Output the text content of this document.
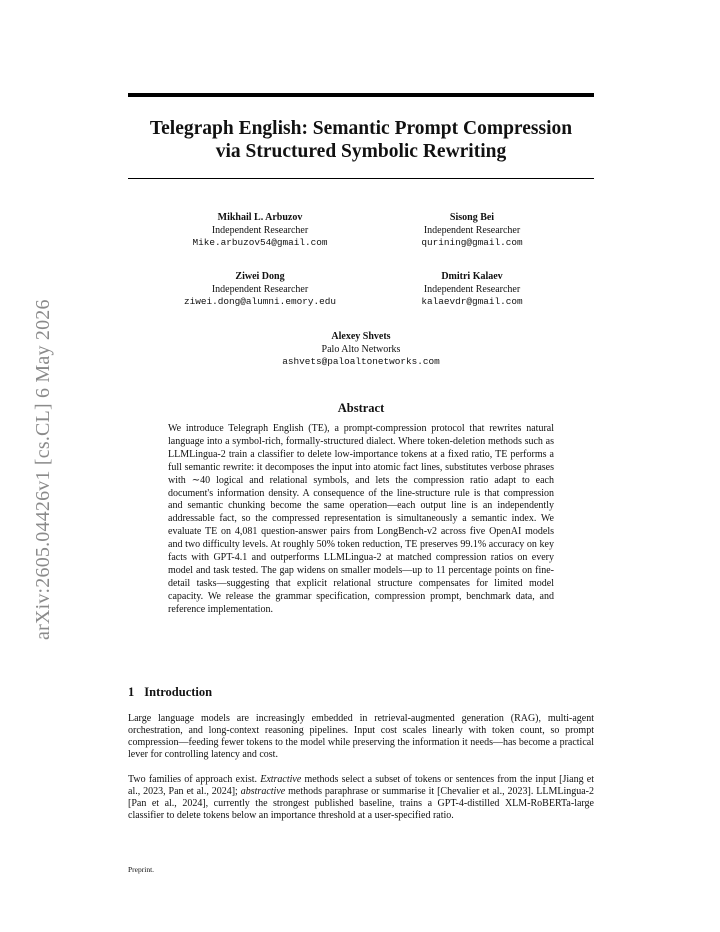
arXiv:2605.04426v1 [cs.CL] 6 May 2026
Telegraph English: Semantic Prompt Compression
via Structured Symbolic Rewriting
Mikhail L. Arbuzov
Independent Researcher
Mike.arbuzov54@gmail.com
Sisong Bei
Independent Researcher
qurining@gmail.com
Ziwei Dong
Independent Researcher
ziwei.dong@alumni.emory.edu
Dmitri Kalaev
Independent Researcher
kalaevdr@gmail.com
Alexey Shvets
Palo Alto Networks
ashvets@paloaltonetworks.com
Abstract

We introduce Telegraph English (TE), a prompt-compression protocol that rewrites natural language into a symbol-rich, formally-structured dialect. Where token-deletion methods such as LLMLingua-2 train a classifier to delete low-importance tokens at a fixed ratio, TE performs a full semantic rewrite: it decomposes the input into atomic fact lines, substitutes verbose phrases with ∼40 logical and relational symbols, and lets the compression ratio adapt to each document's information density. A consequence of the line-structure rule is that compression and semantic chunking become the same operation—each output line is an independently addressable fact, so the compressed representation is simultaneously a semantic index. We evaluate TE on 4,081 question-answer pairs from LongBench-v2 across five OpenAI models and two difficulty levels. At roughly 50% token reduction, TE preserves 99.1% accuracy on key facts with GPT-4.1 and outperforms LLMLingua-2 at matched compression ratios on every model and task tested. The gap widens on smaller models—up to 11 percentage points on fine-detail tasks—suggesting that explicit relational structure compensates for limited model capacity. We release the grammar specification, compression prompt, benchmark data, and reference implementation.

1 Introduction

Large language models are increasingly embedded in retrieval-augmented generation (RAG), multi-agent orchestration, and long-context reasoning pipelines. Input cost scales linearly with token count, so prompt compression—feeding fewer tokens to the model while preserving the information it needs—has become a practical lever for controlling latency and cost.

Two families of approach exist. Extractive methods select a subset of tokens or sentences from the input [Jiang et al., 2023, Pan et al., 2024]; abstractive methods paraphrase or summarise it [Chevalier et al., 2023]. LLMLingua-2 [Pan et al., 2024], currently the strongest published baseline, trains a GPT-4-distilled XLM-RoBERTa-large classifier to delete tokens below an importance threshold at a user-specified ratio.

Preprint.
